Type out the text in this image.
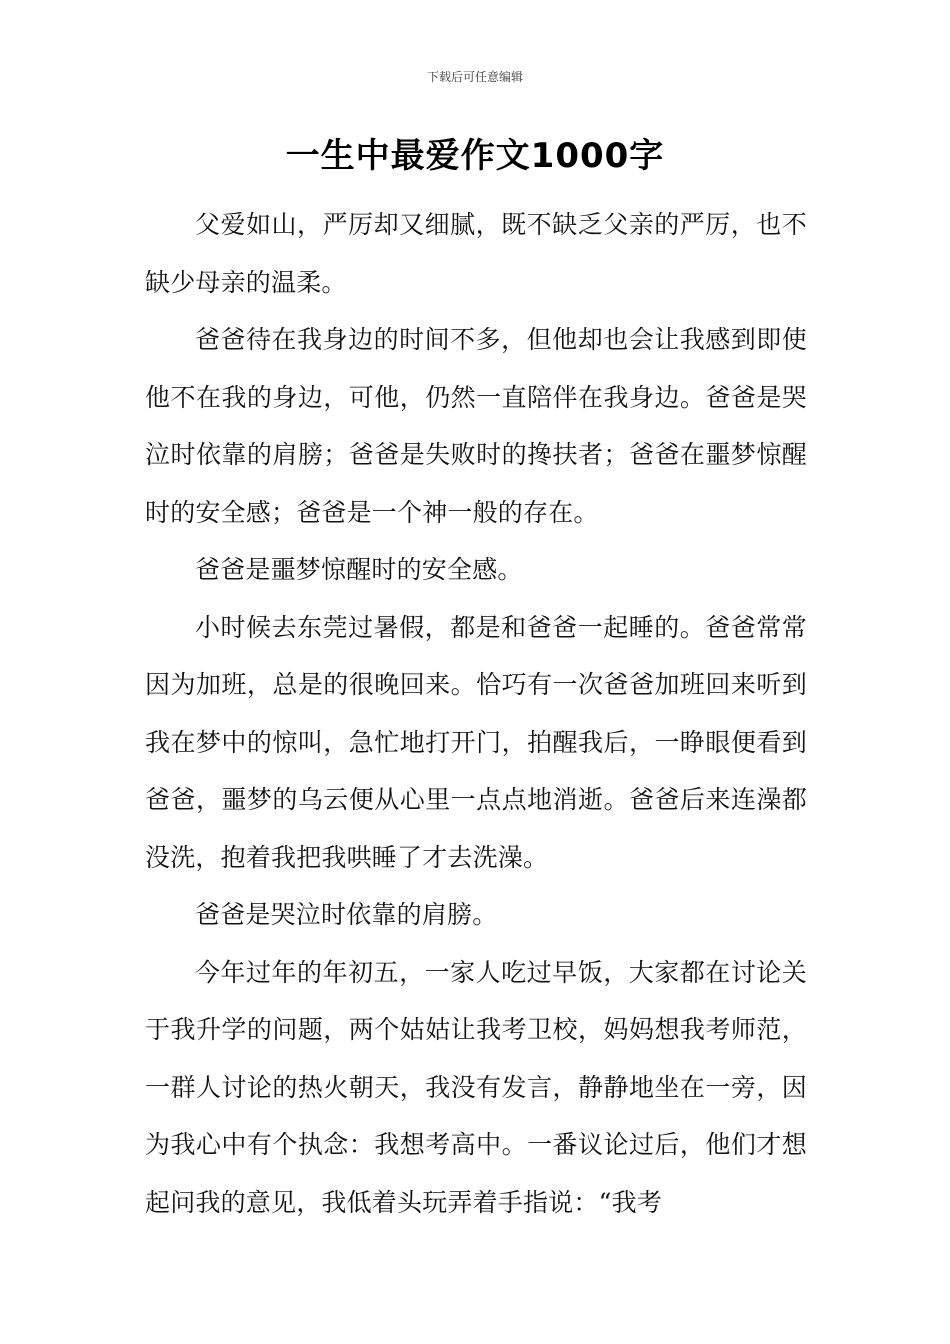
下载后可任意编辑
一生中最爱作文1000字

父爱如山，严厉却又细腻，既不缺乏父亲的严厉，也不缺少母亲的温柔。

爸爸待在我身边的时间不多，但他却也会让我感到即使他不在我的身边，可他，仍然一直陪伴在我身边。爸爸是哭泣时依靠的肩膀；爸爸是失败时的搀扶者；爸爸在噩梦惊醒时的安全感；爸爸是一个神一般的存在。

爸爸是噩梦惊醒时的安全感。

小时候去东莞过暑假，都是和爸爸一起睡的。爸爸常常因为加班，总是的很晚回来。恰巧有一次爸爸加班回来听到我在梦中的惊叫，急忙地打开门，拍醒我后，一睁眼便看到爸爸，噩梦的乌云便从心里一点点地消逝。爸爸后来连澡都没洗，抱着我把我哄睡了才去洗澡。

爸爸是哭泣时依靠的肩膀。

今年过年的年初五，一家人吃过早饭，大家都在讨论关于我升学的问题，两个姑姑让我考卫校，妈妈想我考师范，一群人讨论的热火朝天，我没有发言，静静地坐在一旁，因为我心中有个执念：我想考高中。一番议论过后，他们才想起问我的意见，我低着头玩弄着手指说：“我考
